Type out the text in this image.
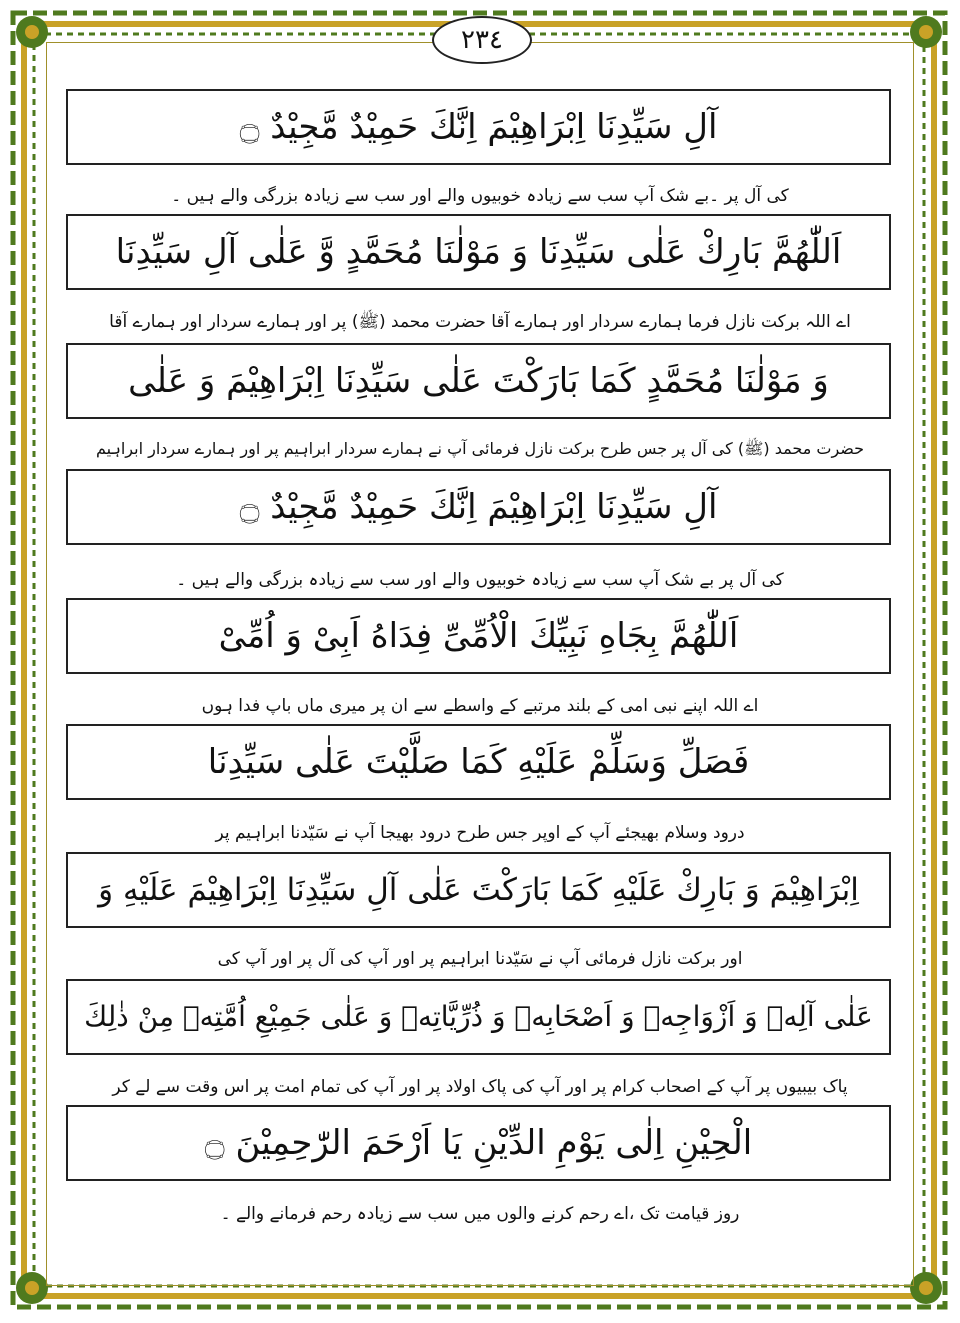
٢٣٤
آلِ سَیِّدِنَا اِبْرَاهِیْمَ اِنَّكَ حَمِیْدٌ مَّجِیْدٌ ۝
کی آل پر ۔بے شک آپ سب سے زیادہ خوبیوں والے اور سب سے زیادہ بزرگی والے ہیں ۔
اَللّٰهُمَّ بَارِكْ عَلٰى سَیِّدِنَا وَ مَوْلٰنَا مُحَمَّدٍ وَّ عَلٰى آلِ سَیِّدِنَا
اے اللہ برکت نازل فرما ہمارے سردار اور ہمارے آقا حضرت محمد (ﷺ) پر اور ہمارے سردار اور ہمارے آقا
وَ مَوْلٰنَا مُحَمَّدٍ كَمَا بَارَكْتَ عَلٰى سَیِّدِنَا اِبْرَاهِیْمَ وَ عَلٰى
حضرت محمد (ﷺ) کی آل پر جس طرح برکت نازل فرمائی آپ نے ہمارے سردار ابراہیم پر اور ہمارے سردار ابراہیم
آلِ سَیِّدِنَا اِبْرَاهِیْمَ اِنَّكَ حَمِیْدٌ مَّجِیْدٌ ۝
کی آل پر بے شک آپ سب سے زیادہ خوبیوں والے اور سب سے زیادہ بزرگی والے ہیں ۔
اَللّٰهُمَّ بِجَاهِ نَبِیِّكَ الْاُمِّیِّ فِدَاهُ اَبِیْ وَ اُمِّیْ
اے اللہ اپنے نبی امی کے بلند مرتبے کے واسطے سے ان پر میری ماں باپ فدا ہوں
فَصَلِّ وَسَلِّمْ عَلَیْهِ كَمَا صَلَّیْتَ عَلٰى سَیِّدِنَا
درود وسلام بھیجئے آپ کے اوپر جس طرح درود بھیجا آپ نے سَیّدنا ابراہیم پر
اِبْرَاهِیْمَ وَ بَارِكْ عَلَیْهِ كَمَا بَارَكْتَ عَلٰى آلِ سَیِّدِنَا اِبْرَاهِیْمَ عَلَیْهِ وَ
اور برکت نازل فرمائی آپ نے سَیّدنا ابراہیم پر اور آپ کی آل پر اور آپ کی
عَلٰى آلِهٖ وَ اَزْوَاجِهٖ وَ اَصْحَابِهٖ وَ ذُرِّیَّاتِهٖ وَ عَلٰى جَمِیْعِ اُمَّتِهٖ مِنْ ذٰلِكَ
پاک بیبیوں پر آپ کے اصحاب کرام پر اور آپ کی پاک اولاد پر اور آپ کی تمام امت پر اس وقت سے لے کر
الْحِیْنِ اِلٰى یَوْمِ الدِّیْنِ یَا اَرْحَمَ الرّٰحِمِیْنَ ۝
روز قیامت تک ،اے رحم کرنے والوں میں سب سے زیادہ رحم فرمانے والے ۔
